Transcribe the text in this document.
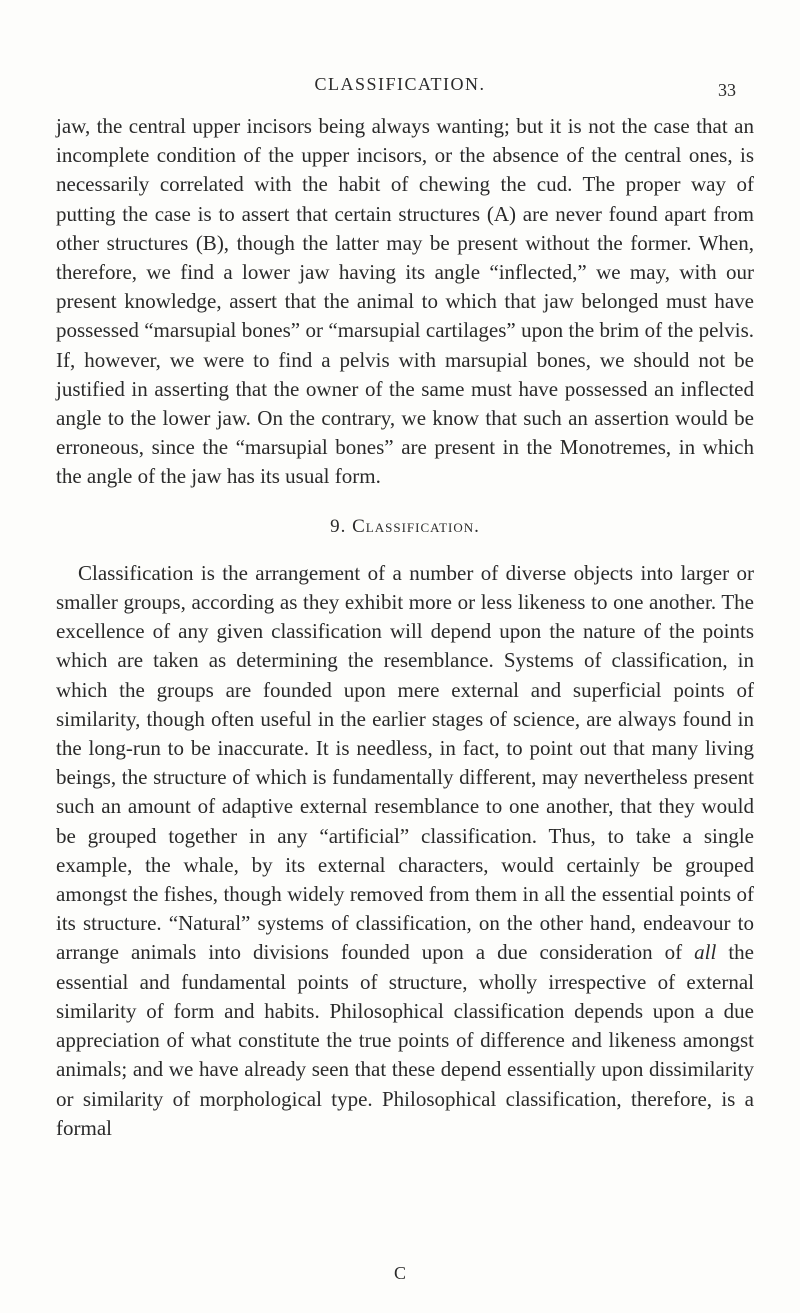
CLASSIFICATION.	33

jaw, the central upper incisors being always wanting; but it is not the case that an incomplete condition of the upper incisors, or the absence of the central ones, is necessarily correlated with the habit of chewing the cud. The proper way of putting the case is to assert that certain structures (A) are never found apart from other structures (B), though the latter may be present without the former. When, therefore, we find a lower jaw having its angle “inflected,” we may, with our present knowledge, assert that the animal to which that jaw belonged must have possessed “marsupial bones” or “marsupial cartilages” upon the brim of the pelvis. If, however, we were to find a pelvis with marsupial bones, we should not be justified in asserting that the owner of the same must have possessed an inflected angle to the lower jaw. On the contrary, we know that such an assertion would be erroneous, since the “marsupial bones” are present in the Monotremes, in which the angle of the jaw has its usual form.

9. Classification.

Classification is the arrangement of a number of diverse objects into larger or smaller groups, according as they exhibit more or less likeness to one another. The excellence of any given classification will depend upon the nature of the points which are taken as determining the resemblance. Systems of classification, in which the groups are founded upon mere external and superficial points of similarity, though often useful in the earlier stages of science, are always found in the long-run to be inaccurate. It is needless, in fact, to point out that many living beings, the structure of which is fundamentally different, may nevertheless present such an amount of adaptive external resemblance to one another, that they would be grouped together in any “artificial” classification. Thus, to take a single example, the whale, by its external characters, would certainly be grouped amongst the fishes, though widely removed from them in all the essential points of its structure. “Natural” systems of classification, on the other hand, endeavour to arrange animals into divisions founded upon a due consideration of all the essential and fundamental points of structure, wholly irrespective of external similarity of form and habits. Philosophical classification depends upon a due appreciation of what constitute the true points of difference and likeness amongst animals; and we have already seen that these depend essentially upon dissimilarity or similarity of morphological type. Philosophical classification, therefore, is a formal

C
